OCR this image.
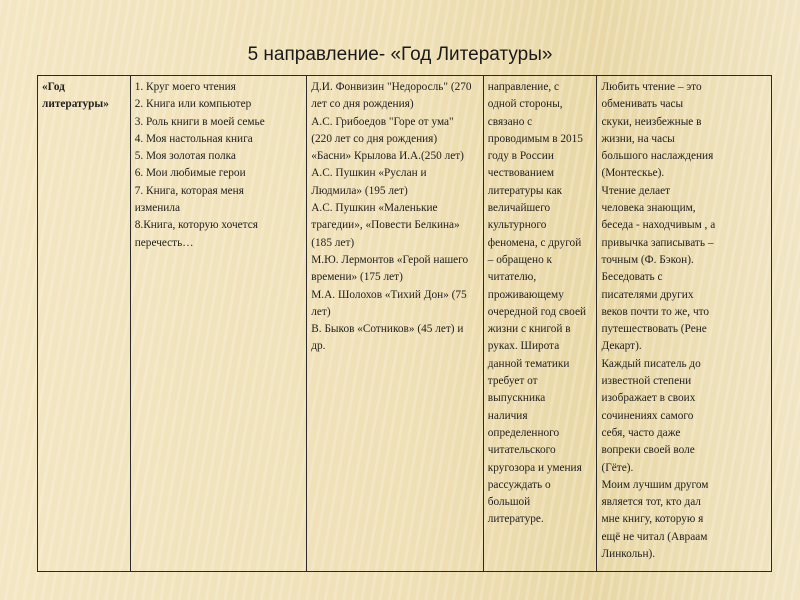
5 направление- «Год Литературы»
«Год
литературы»
1. Круг моего чтения
2. Книга или компьютер
3. Роль книги в моей семье
4. Моя настольная книга
5. Моя золотая полка
6. Мои любимые герои
7. Книга, которая меня
изменила
8.Книга, которую хочется
перечесть…
Д.И. Фонвизин "Недоросль" (270
лет со дня рождения)
А.С. Грибоедов "Горе от ума"
(220 лет со дня рождения)
«Басни» Крылова И.А.(250 лет)
А.С. Пушкин «Руслан и
Людмила» (195 лет)
А.С. Пушкин «Маленькие
трагедии», «Повести Белкина»
(185 лет)
М.Ю. Лермонтов «Герой нашего
времени» (175 лет)
М.А. Шолохов «Тихий Дон» (75
лет)
В. Быков «Сотников» (45 лет) и
др.
направление, с
одной стороны,
связано с
проводимым в 2015
году в России
чествованием
литературы как
величайшего
культурного
феномена, с другой
– обращено к
читателю,
проживающему
очередной год своей
жизни с книгой в
руках. Широта
данной тематики
требует от
выпускника
наличия
определенного
читательского
кругозора и умения
рассуждать о
большой
литературе.
Любить чтение – это
обменивать часы
скуки, неизбежные в
жизни, на часы
большого наслаждения
(Монтескье).
Чтение делает
человека знающим,
беседа - находчивым , а
привычка записывать –
точным (Ф. Бэкон).
Беседовать с
писателями других
веков почти то же, что
путешествовать (Рене
Декарт).
Каждый писатель до
известной степени
изображает в своих
сочинениях самого
себя, часто даже
вопреки своей воле
(Гёте).
Моим лучшим другом
является тот, кто дал
мне книгу, которую я
ещё не читал (Авраам
Линкольн).
